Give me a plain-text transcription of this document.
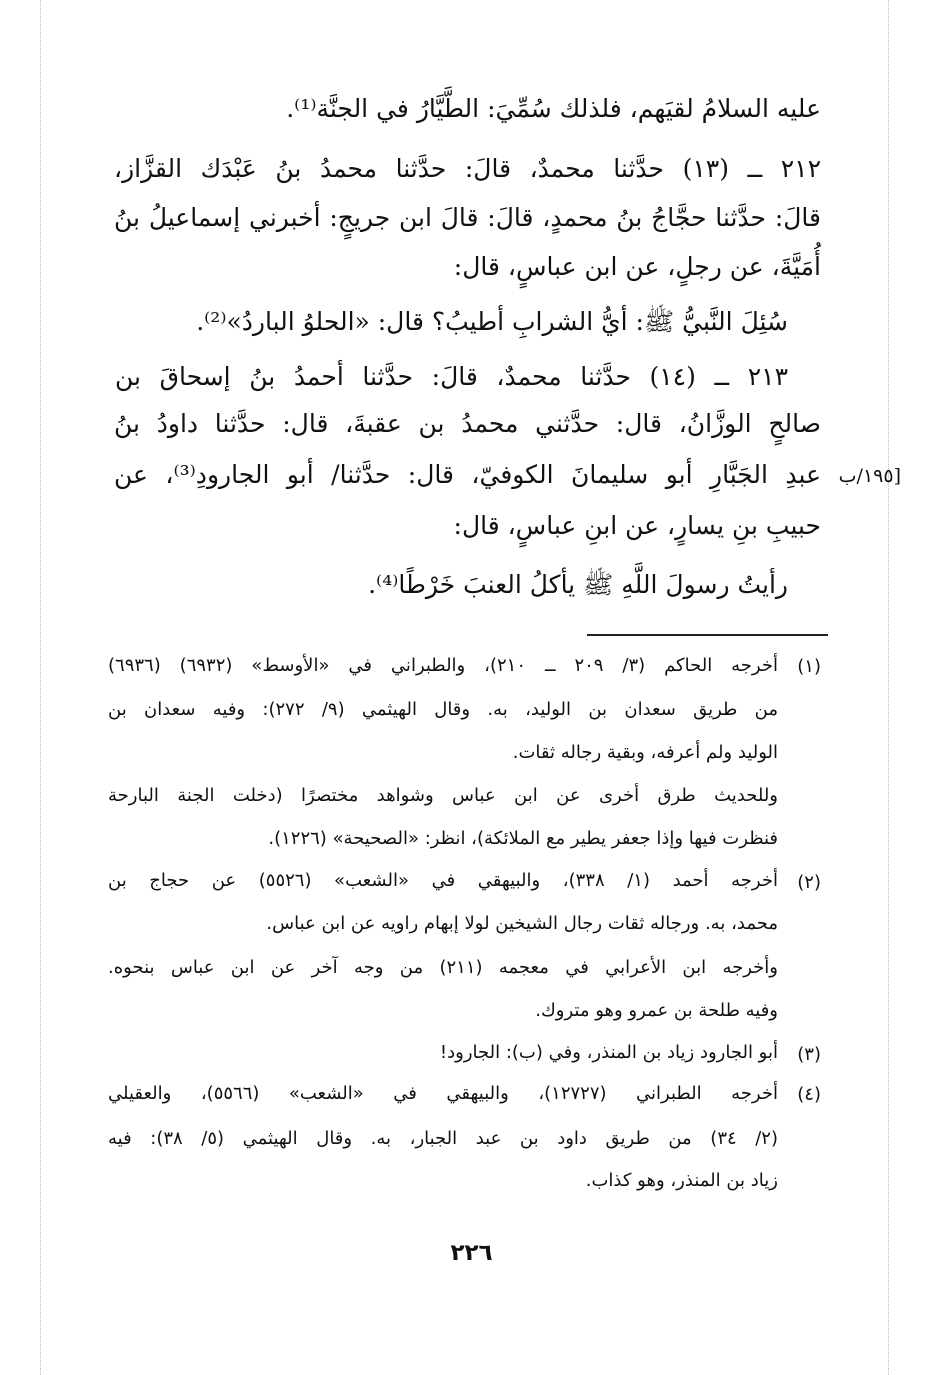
عليه السلامُ لقيَهم، فلذلك سُمِّيَ: الطَّيَّارُ في الجنَّة⁽¹⁾.
٢١٢ ــ (١٣) حدَّثنا محمدٌ، قالَ: حدَّثنا محمدُ بنُ عَبْدَك القزَّاز،
قالَ: حدَّثنا حجَّاجُ بنُ محمدٍ، قالَ: قالَ ابن جريجٍ: أخبرني إسماعيلُ بنُ
أُمَيَّةَ، عن رجلٍ، عن ابن عباسٍ، قال:
سُئِلَ النَّبيُّ ﷺ: أيُّ الشرابِ أطيبُ؟ قال: «الحلوُ الباردُ»⁽²⁾.
٢١٣ ــ (١٤) حدَّثنا محمدٌ، قالَ: حدَّثنا أحمدُ بنُ إسحاقَ بن
صالحٍ الوزَّانُ، قال: حدَّثني محمدُ بن عقبةَ، قال: حدَّثنا داودُ بنُ
عبدِ الجَبَّارِ أبو سليمانَ الكوفيّ، قال: حدَّثنا/ أبو الجارودِ⁽³⁾، عن
حبيبِ بنِ يسارٍ، عن ابنِ عباسٍ، قال:
رأيتُ رسولَ اللَّهِ ﷺ يأكلُ العنبَ خَرْطًا⁽⁴⁾.
[١٩٥/ب
(١)
(٢)
(٣)
(٤)
أخرجه الحاكم (٣/ ٢٠٩ ــ ٢١٠)، والطبراني في «الأوسط» (٦٩٣٢) (٦٩٣٦)
من طريق سعدان بن الوليد، به. وقال الهيثمي (٩/ ٢٧٢): وفيه سعدان بن
الوليد ولم أعرفه، وبقية رجاله ثقات.
وللحديث طرق أخرى عن ابن عباس وشواهد مختصرًا (دخلت الجنة البارحة
فنظرت فيها وإذا جعفر يطير مع الملائكة)، انظر: «الصحيحة» (١٢٢٦).
أخرجه أحمد (١/ ٣٣٨)، والبيهقي في «الشعب» (٥٥٢٦) عن حجاج بن
محمد، به. ورجاله ثقات رجال الشيخين لولا إبهام راويه عن ابن عباس.
وأخرجه ابن الأعرابي في معجمه (٢١١) من وجه آخر عن ابن عباس بنحوه.
وفيه طلحة بن عمرو وهو متروك.
أبو الجارود زياد بن المنذر، وفي (ب): الجارود!
أخرجه الطبراني (١٢٧٢٧)، والبيهقي في «الشعب» (٥٥٦٦)، والعقيلي
(٢/ ٣٤) من طريق داود بن عبد الجبار، به. وقال الهيثمي (٥/ ٣٨): فيه
زياد بن المنذر، وهو كذاب.
٢٢٦
